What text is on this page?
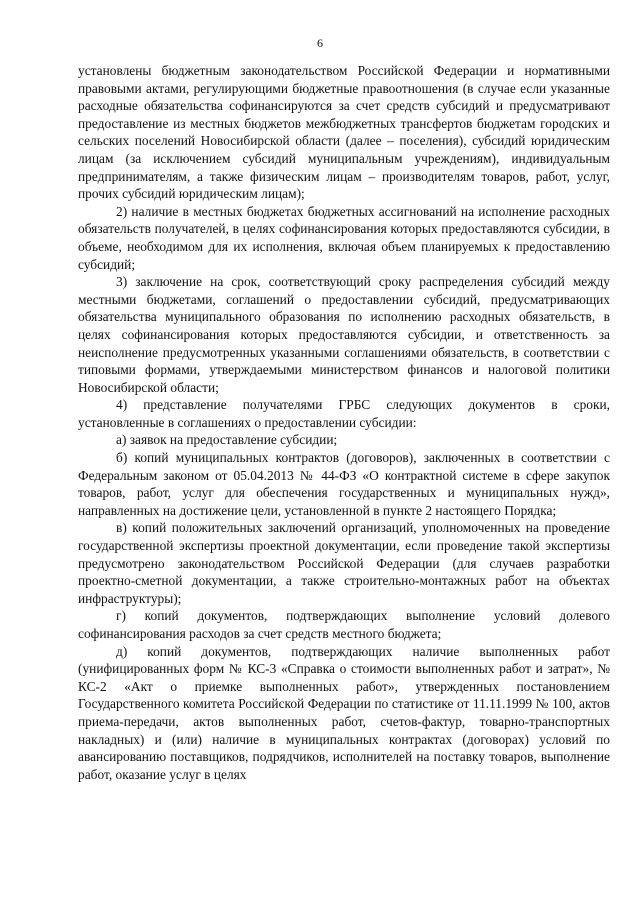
6

установлены бюджетным законодательством Российской Федерации и нормативными правовыми актами, регулирующими бюджетные правоотношения (в случае если указанные расходные обязательства софинансируются за счет средств субсидий и предусматривают предоставление из местных бюджетов межбюджетных трансфертов бюджетам городских и сельских поселений Новосибирской области (далее – поселения), субсидий юридическим лицам (за исключением субсидий муниципальным учреждениям), индивидуальным предпринимателям, а также физическим лицам – производителям товаров, работ, услуг, прочих субсидий юридическим лицам);

2) наличие в местных бюджетах бюджетных ассигнований на исполнение расходных обязательств получателей, в целях софинансирования которых предоставляются субсидии, в объеме, необходимом для их исполнения, включая объем планируемых к предоставлению субсидий;

3) заключение на срок, соответствующий сроку распределения субсидий между местными бюджетами, соглашений о предоставлении субсидий, предусматривающих обязательства муниципального образования по исполнению расходных обязательств, в целях софинансирования которых предоставляются субсидии, и ответственность за неисполнение предусмотренных указанными соглашениями обязательств, в соответствии с типовыми формами, утверждаемыми министерством финансов и налоговой политики Новосибирской области;

4) представление получателями ГРБС следующих документов в сроки, установленные в соглашениях о предоставлении субсидии:

а) заявок на предоставление субсидии;

б) копий муниципальных контрактов (договоров), заключенных в соответствии с Федеральным законом от 05.04.2013 № 44-ФЗ «О контрактной системе в сфере закупок товаров, работ, услуг для обеспечения государственных и муниципальных нужд», направленных на достижение цели, установленной в пункте 2 настоящего Порядка;

в) копий положительных заключений организаций, уполномоченных на проведение государственной экспертизы проектной документации, если проведение такой экспертизы предусмотрено законодательством Российской Федерации (для случаев разработки проектно-сметной документации, а также строительно-монтажных работ на объектах инфраструктуры);

г) копий документов, подтверждающих выполнение условий долевого софинансирования расходов за счет средств местного бюджета;

д) копий документов, подтверждающих наличие выполненных работ (унифицированных форм № КС-3 «Справка о стоимости выполненных работ и затрат», № КС-2 «Акт о приемке выполненных работ», утвержденных постановлением Государственного комитета Российской Федерации по статистике от 11.11.1999 № 100, актов приема-передачи, актов выполненных работ, счетов-фактур, товарно-транспортных накладных) и (или) наличие в муниципальных контрактах (договорах) условий по авансированию поставщиков, подрядчиков, исполнителей на поставку товаров, выполнение работ, оказание услуг в целях
